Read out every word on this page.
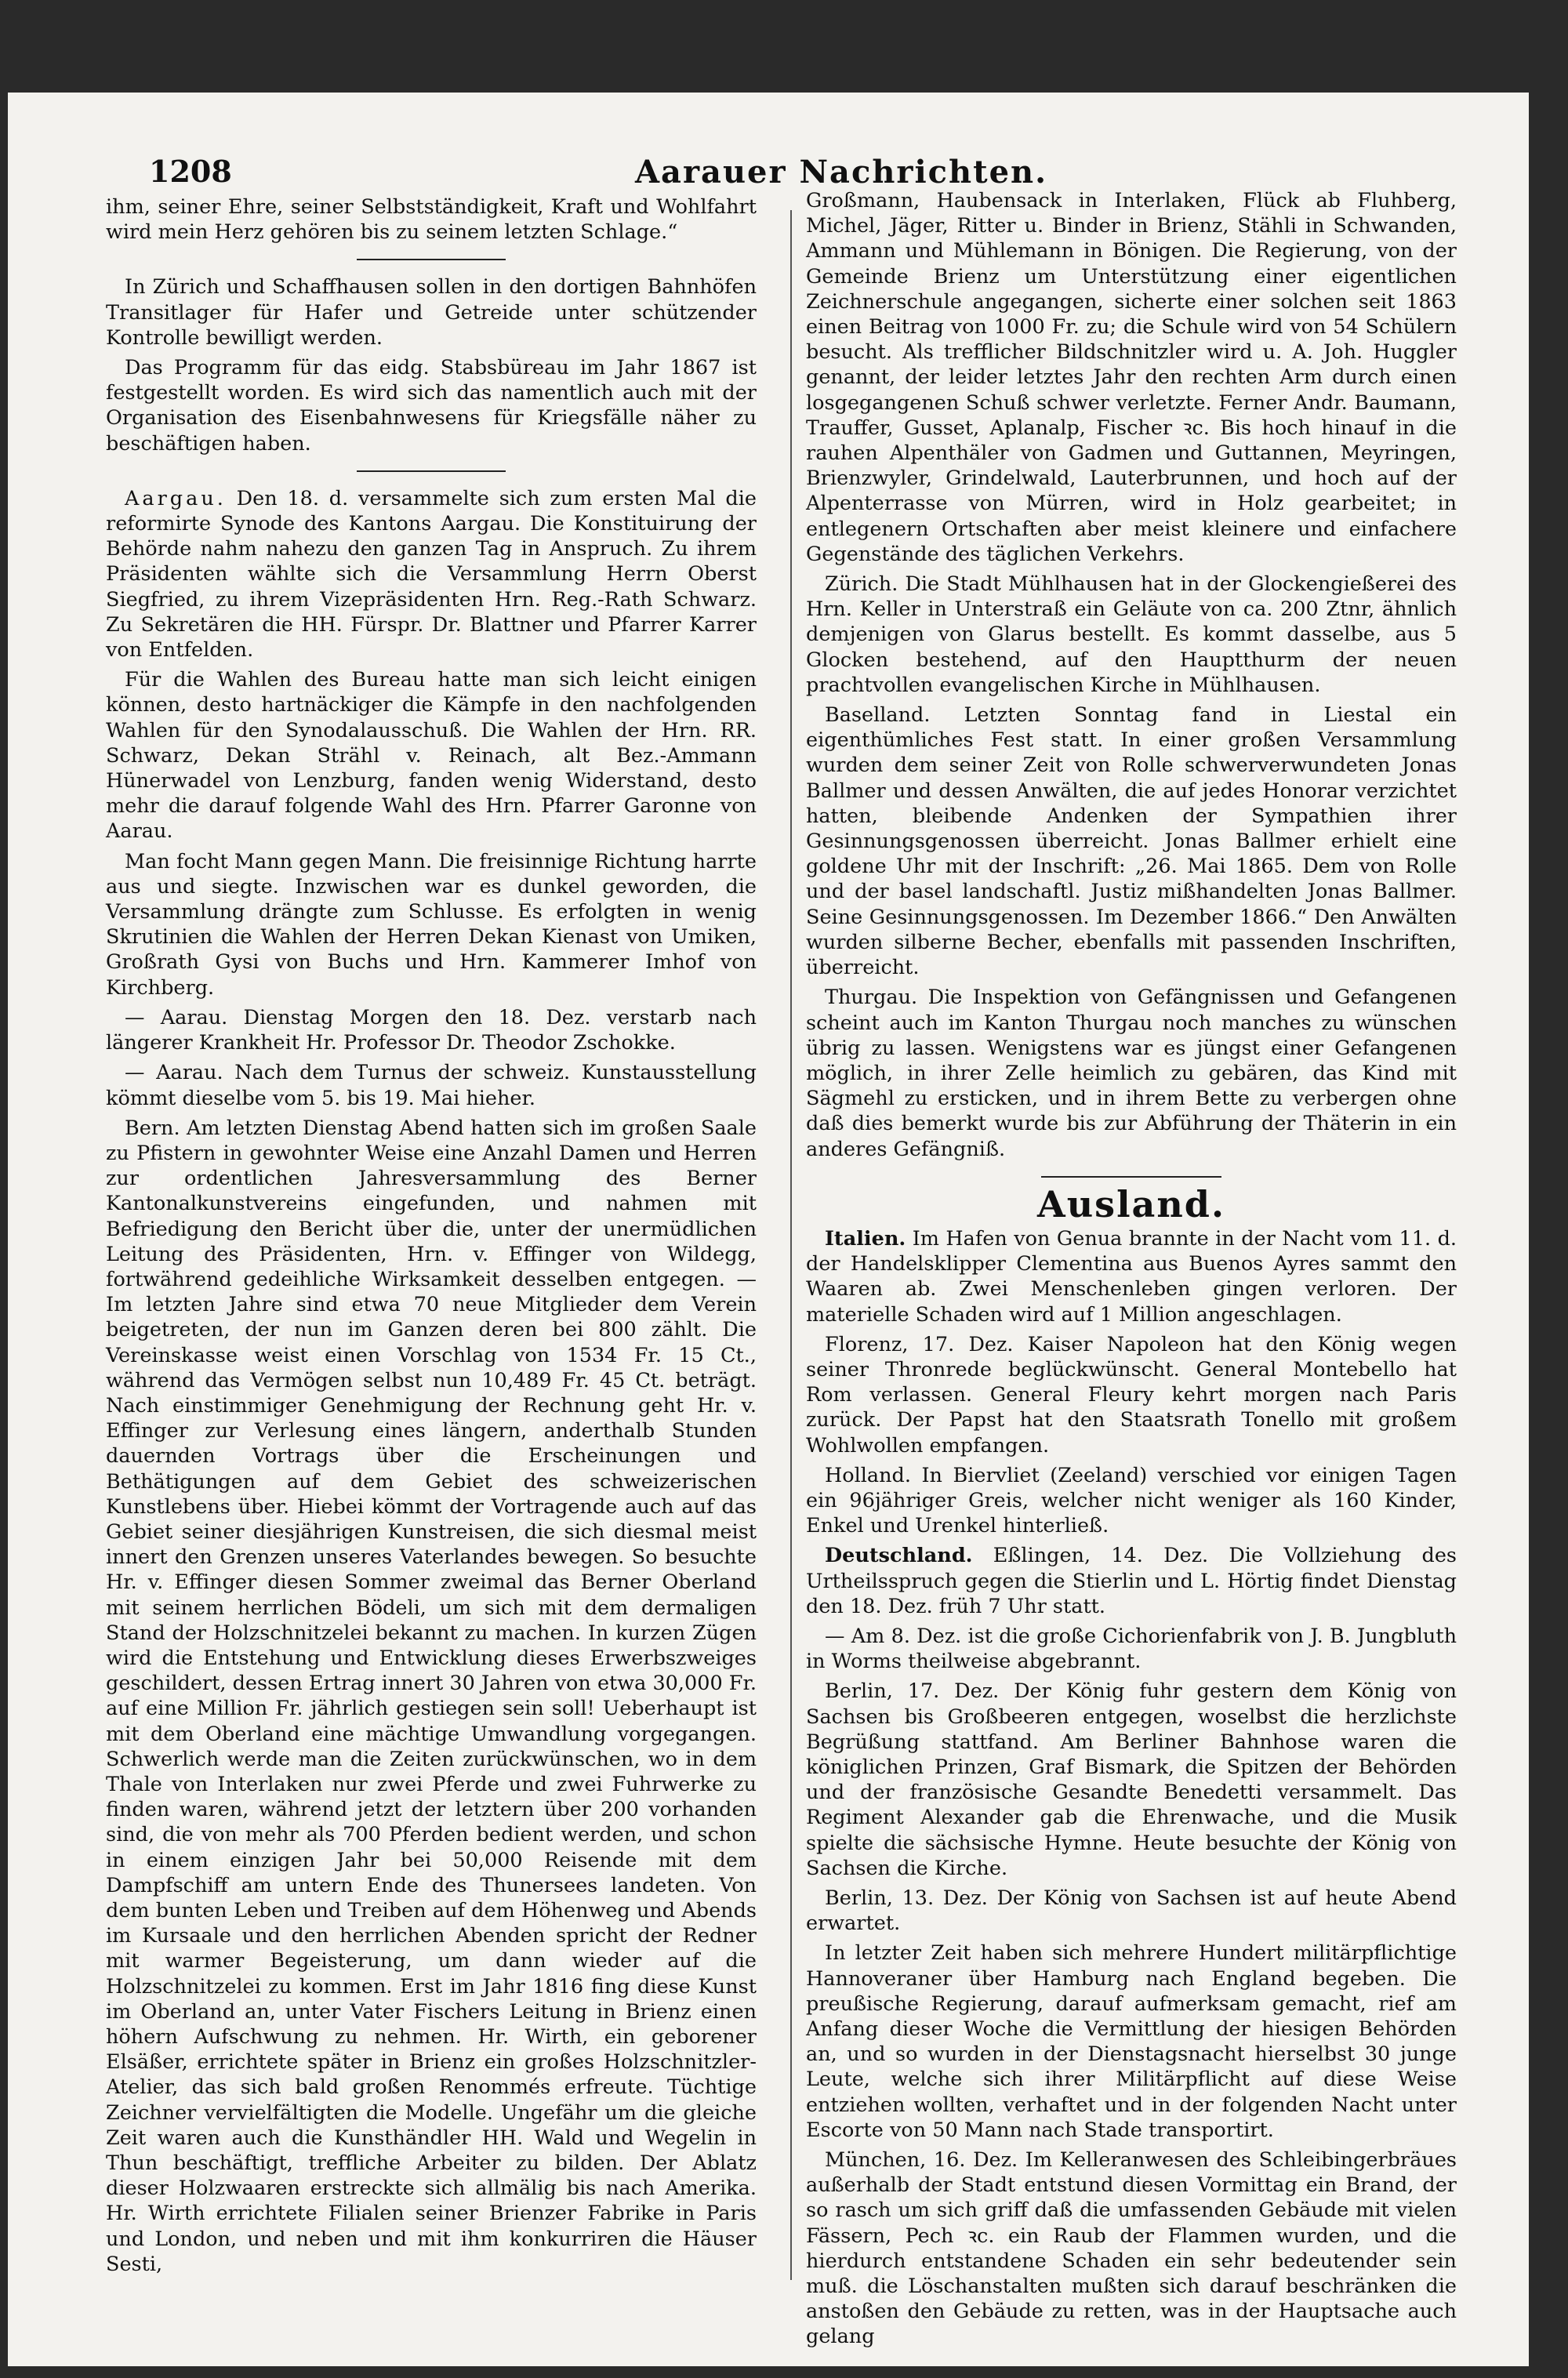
1208	Aarauer Nachrichten.

ihm, seiner Ehre, seiner Selbstständigkeit, Kraft und Wohlfahrt wird mein Herz gehören bis zu seinem letzten Schlage.“

In Zürich und Schaffhausen sollen in den dortigen Bahnhöfen Transitlager für Hafer und Getreide unter schützender Kontrolle bewilligt werden.

Das Programm für das eidg. Stabsbüreau im Jahr 1867 ist festgestellt worden. Es wird sich das namentlich auch mit der Organisation des Eisenbahnwesens für Kriegsfälle näher zu beschäftigen haben.

Aargau. Den 18. d. versammelte sich zum ersten Mal die reformirte Synode des Kantons Aargau. Die Konstituirung der Behörde nahm nahezu den ganzen Tag in Anspruch. Zu ihrem Präsidenten wählte sich die Versammlung Herrn Oberst Siegfried, zu ihrem Vizepräsidenten Hrn. Reg.-Rath Schwarz. Zu Sekretären die HH. Fürspr. Dr. Blattner und Pfarrer Karrer von Entfelden.

Für die Wahlen des Bureau hatte man sich leicht einigen können, desto hartnäckiger die Kämpfe in den nachfolgenden Wahlen für den Synodalausschuß. Die Wahlen der Hrn. RR. Schwarz, Dekan Strähl v. Reinach, alt Bez.-Ammann Hünerwadel von Lenzburg, fanden wenig Widerstand, desto mehr die darauf folgende Wahl des Hrn. Pfarrer Garonne von Aarau.

Man focht Mann gegen Mann. Die freisinnige Richtung harrte aus und siegte. Inzwischen war es dunkel geworden, die Versammlung drängte zum Schlusse. Es erfolgten in wenig Skrutinien die Wahlen der Herren Dekan Kienast von Umiken, Großrath Gysi von Buchs und Hrn. Kammerer Imhof von Kirchberg.

— Aarau. Dienstag Morgen den 18. Dez. verstarb nach längerer Krankheit Hr. Professor Dr. Theodor Zschokke.

— Aarau. Nach dem Turnus der schweiz. Kunstausstellung kömmt dieselbe vom 5. bis 19. Mai hieher.

Bern. Am letzten Dienstag Abend hatten sich im großen Saale zu Pfistern in gewohnter Weise eine Anzahl Damen und Herren zur ordentlichen Jahresversammlung des Berner Kantonalkunstvereins eingefunden, und nahmen mit Befriedigung den Bericht über die, unter der unermüdlichen Leitung des Präsidenten, Hrn. v. Effinger von Wildegg, fortwährend gedeihliche Wirksamkeit desselben entgegen. — Im letzten Jahre sind etwa 70 neue Mitglieder dem Verein beigetreten, der nun im Ganzen deren bei 800 zählt. Die Vereinskasse weist einen Vorschlag von 1534 Fr. 15 Ct., während das Vermögen selbst nun 10,489 Fr. 45 Ct. beträgt. Nach einstimmiger Genehmigung der Rechnung geht Hr. v. Effinger zur Verlesung eines längern, anderthalb Stunden dauernden Vortrags über die Erscheinungen und Bethätigungen auf dem Gebiet des schweizerischen Kunstlebens über. Hiebei kömmt der Vortragende auch auf das Gebiet seiner diesjährigen Kunstreisen, die sich diesmal meist innert den Grenzen unseres Vaterlandes bewegen. So besuchte Hr. v. Effinger diesen Sommer zweimal das Berner Oberland mit seinem herrlichen Bödeli, um sich mit dem dermaligen Stand der Holzschnitzelei bekannt zu machen. In kurzen Zügen wird die Entstehung und Entwicklung dieses Erwerbszweiges geschildert, dessen Ertrag innert 30 Jahren von etwa 30,000 Fr. auf eine Million Fr. jährlich gestiegen sein soll! Ueberhaupt ist mit dem Oberland eine mächtige Umwandlung vorgegangen. Schwerlich werde man die Zeiten zurückwünschen, wo in dem Thale von Interlaken nur zwei Pferde und zwei Fuhrwerke zu finden waren, während jetzt der letztern über 200 vorhanden sind, die von mehr als 700 Pferden bedient werden, und schon in einem einzigen Jahr bei 50,000 Reisende mit dem Dampfschiff am untern Ende des Thunersees landeten. Von dem bunten Leben und Treiben auf dem Höhenweg und Abends im Kursaale und den herrlichen Abenden spricht der Redner mit warmer Begeisterung, um dann wieder auf die Holzschnitzelei zu kommen. Erst im Jahr 1816 fing diese Kunst im Oberland an, unter Vater Fischers Leitung in Brienz einen höhern Aufschwung zu nehmen. Hr. Wirth, ein geborener Elsäßer, errichtete später in Brienz ein großes Holzschnitzler-Atelier, das sich bald großen Renommés erfreute. Tüchtige Zeichner vervielfältigten die Modelle. Ungefähr um die gleiche Zeit waren auch die Kunsthändler HH. Wald und Wegelin in Thun beschäftigt, treffliche Arbeiter zu bilden. Der Ablatz dieser Holzwaaren erstreckte sich allmälig bis nach Amerika. Hr. Wirth errichtete Filialen seiner Brienzer Fabrike in Paris und London, und neben und mit ihm konkurriren die Häuser Sesti,

Großmann, Haubensack in Interlaken, Flück ab Fluhberg, Michel, Jäger, Ritter u. Binder in Brienz, Stähli in Schwanden, Ammann und Mühlemann in Bönigen. Die Regierung, von der Gemeinde Brienz um Unterstützung einer eigentlichen Zeichnerschule angegangen, sicherte einer solchen seit 1863 einen Beitrag von 1000 Fr. zu; die Schule wird von 54 Schülern besucht. Als trefflicher Bildschnitzler wird u. A. Joh. Huggler genannt, der leider letztes Jahr den rechten Arm durch einen losgegangenen Schuß schwer verletzte. Ferner Andr. Baumann, Trauffer, Gusset, Aplanalp, Fischer ꝛc. Bis hoch hinauf in die rauhen Alpenthäler von Gadmen und Guttannen, Meyringen, Brienzwyler, Grindelwald, Lauterbrunnen, und hoch auf der Alpenterrasse von Mürren, wird in Holz gearbeitet; in entlegenern Ortschaften aber meist kleinere und einfachere Gegenstände des täglichen Verkehrs.

Zürich. Die Stadt Mühlhausen hat in der Glockengießerei des Hrn. Keller in Unterstraß ein Geläute von ca. 200 Ztnr, ähnlich demjenigen von Glarus bestellt. Es kommt dasselbe, aus 5 Glocken bestehend, auf den Hauptthurm der neuen prachtvollen evangelischen Kirche in Mühlhausen.

Baselland. Letzten Sonntag fand in Liestal ein eigenthümliches Fest statt. In einer großen Versammlung wurden dem seiner Zeit von Rolle schwerverwundeten Jonas Ballmer und dessen Anwälten, die auf jedes Honorar verzichtet hatten, bleibende Andenken der Sympathien ihrer Gesinnungsgenossen überreicht. Jonas Ballmer erhielt eine goldene Uhr mit der Inschrift: „26. Mai 1865. Dem von Rolle und der basel landschaftl. Justiz mißhandelten Jonas Ballmer. Seine Gesinnungsgenossen. Im Dezember 1866.“ Den Anwälten wurden silberne Becher, ebenfalls mit passenden Inschriften, überreicht.

Thurgau. Die Inspektion von Gefängnissen und Gefangenen scheint auch im Kanton Thurgau noch manches zu wünschen übrig zu lassen. Wenigstens war es jüngst einer Gefangenen möglich, in ihrer Zelle heimlich zu gebären, das Kind mit Sägmehl zu ersticken, und in ihrem Bette zu verbergen ohne daß dies bemerkt wurde bis zur Abführung der Thäterin in ein anderes Gefängniß.

Ausland.

Italien. Im Hafen von Genua brannte in der Nacht vom 11. d. der Handelsklipper Clementina aus Buenos Ayres sammt den Waaren ab. Zwei Menschenleben gingen verloren. Der materielle Schaden wird auf 1 Million angeschlagen.

Florenz, 17. Dez. Kaiser Napoleon hat den König wegen seiner Thronrede beglückwünscht. General Montebello hat Rom verlassen. General Fleury kehrt morgen nach Paris zurück. Der Papst hat den Staatsrath Tonello mit großem Wohlwollen empfangen.

Holland. In Biervliet (Zeeland) verschied vor einigen Tagen ein 96jähriger Greis, welcher nicht weniger als 160 Kinder, Enkel und Urenkel hinterließ.

Deutschland. Eßlingen, 14. Dez. Die Vollziehung des Urtheilsspruch gegen die Stierlin und L. Hörtig findet Dienstag den 18. Dez. früh 7 Uhr statt.

— Am 8. Dez. ist die große Cichorienfabrik von J. B. Jungbluth in Worms theilweise abgebrannt.

Berlin, 17. Dez. Der König fuhr gestern dem König von Sachsen bis Großbeeren entgegen, woselbst die herzlichste Begrüßung stattfand. Am Berliner Bahnhose waren die königlichen Prinzen, Graf Bismark, die Spitzen der Behörden und der französische Gesandte Benedetti versammelt. Das Regiment Alexander gab die Ehrenwache, und die Musik spielte die sächsische Hymne. Heute besuchte der König von Sachsen die Kirche.

Berlin, 13. Dez. Der König von Sachsen ist auf heute Abend erwartet.

In letzter Zeit haben sich mehrere Hundert militärpflichtige Hannoveraner über Hamburg nach England begeben. Die preußische Regierung, darauf aufmerksam gemacht, rief am Anfang dieser Woche die Vermittlung der hiesigen Behörden an, und so wurden in der Dienstagsnacht hierselbst 30 junge Leute, welche sich ihrer Militärpflicht auf diese Weise entziehen wollten, verhaftet und in der folgenden Nacht unter Escorte von 50 Mann nach Stade transportirt.

München, 16. Dez. Im Kelleranwesen des Schleibingerbräues außerhalb der Stadt entstund diesen Vormittag ein Brand, der so rasch um sich griff daß die umfassenden Gebäude mit vielen Fässern, Pech ꝛc. ein Raub der Flammen wurden, und die hierdurch entstandene Schaden ein sehr bedeutender sein muß. die Löschanstalten mußten sich darauf beschränken die anstoßen den Gebäude zu retten, was in der Hauptsache auch gelang
